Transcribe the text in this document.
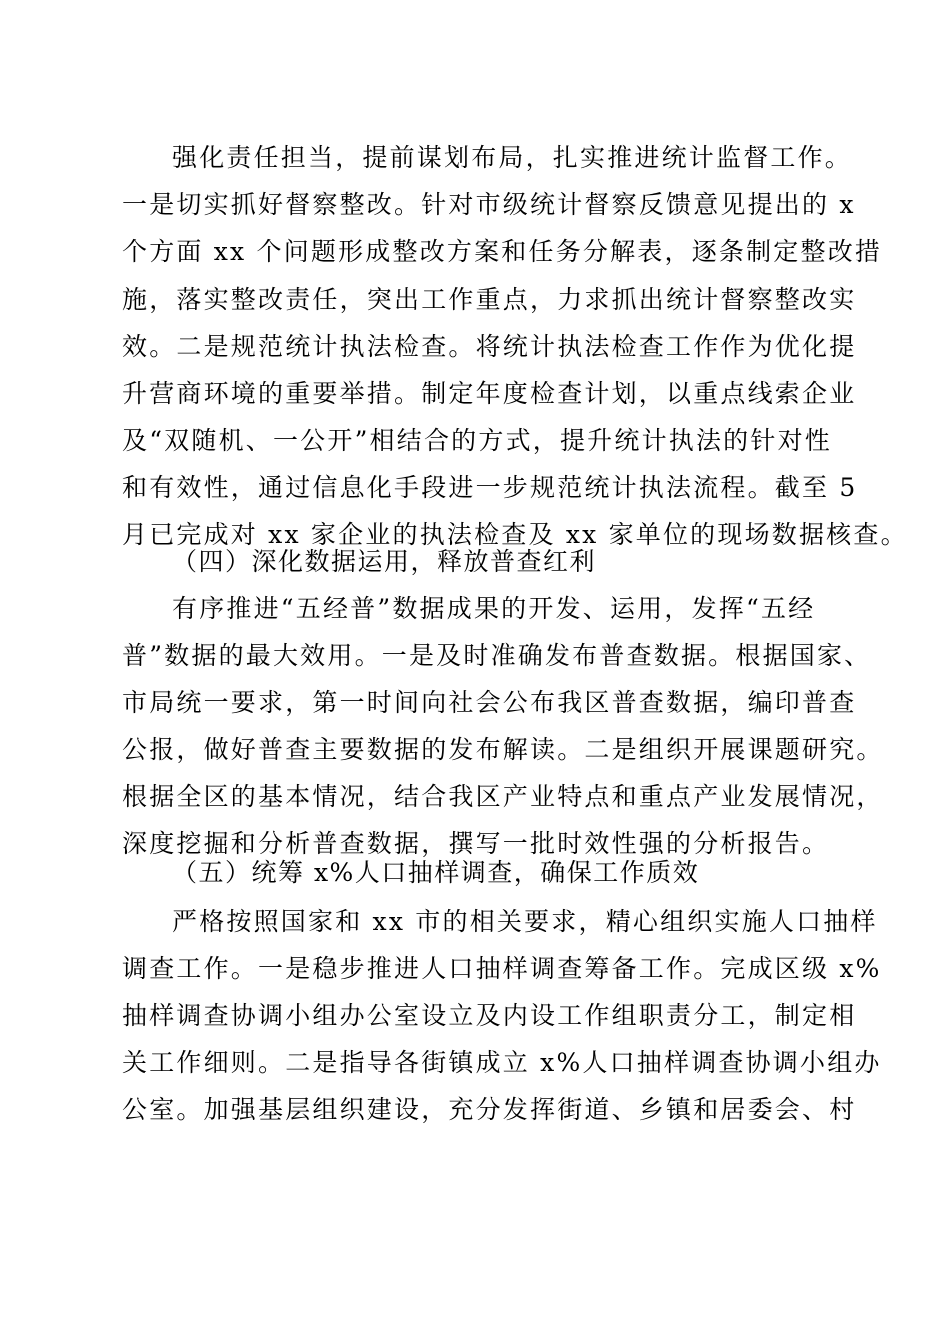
强化责任担当，提前谋划布局，扎实推进统计监督工作。
一是切实抓好督察整改。针对市级统计督察反馈意见提出的 x
个方面 xx 个问题形成整改方案和任务分解表，逐条制定整改措
施，落实整改责任，突出工作重点，力求抓出统计督察整改实
效。二是规范统计执法检查。将统计执法检查工作作为优化提
升营商环境的重要举措。制定年度检查计划，以重点线索企业
及“双随机、一公开”相结合的方式，提升统计执法的针对性
和有效性，通过信息化手段进一步规范统计执法流程。截至 5
月已完成对 xx 家企业的执法检查及 xx 家单位的现场数据核查。
（四）深化数据运用，释放普查红利
有序推进“五经普”数据成果的开发、运用，发挥“五经
普”数据的最大效用。一是及时准确发布普查数据。根据国家、
市局统一要求，第一时间向社会公布我区普查数据，编印普查
公报，做好普查主要数据的发布解读。二是组织开展课题研究。
根据全区的基本情况，结合我区产业特点和重点产业发展情况，
深度挖掘和分析普查数据，撰写一批时效性强的分析报告。
（五）统筹 x%人口抽样调查，确保工作质效
严格按照国家和 xx 市的相关要求，精心组织实施人口抽样
调查工作。一是稳步推进人口抽样调查筹备工作。完成区级 x%
抽样调查协调小组办公室设立及内设工作组职责分工，制定相
关工作细则。二是指导各街镇成立 x%人口抽样调查协调小组办
公室。加强基层组织建设，充分发挥街道、乡镇和居委会、村
